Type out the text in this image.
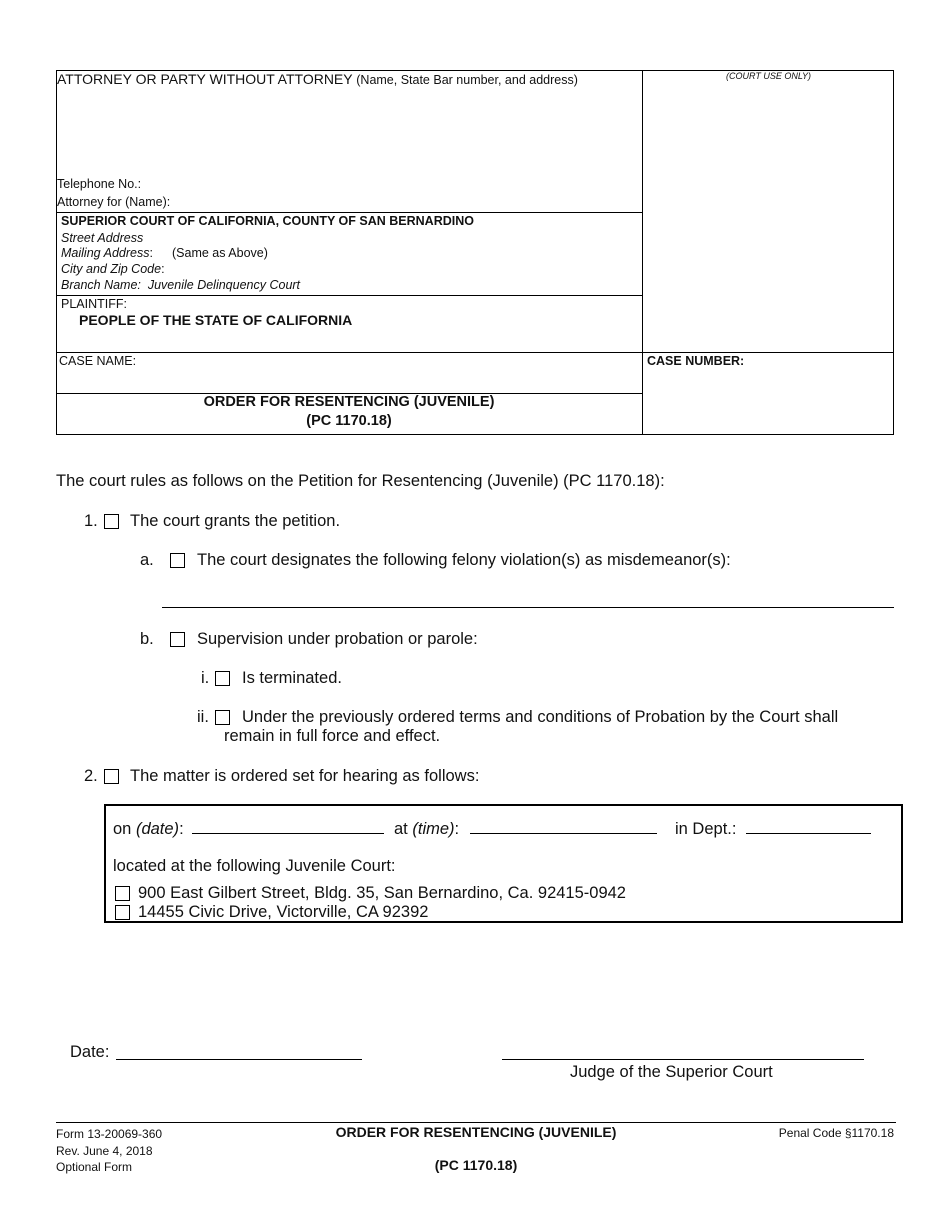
ATTORNEY OR PARTY WITHOUT ATTORNEY (Name, State Bar number, and address)	(COURT USE ONLY)
Telephone No.:
Attorney for (Name):
SUPERIOR COURT OF CALIFORNIA, COUNTY OF SAN BERNARDINO
Street Address
Mailing Address: (Same as Above)
City and Zip Code:
Branch Name: Juvenile Delinquency Court
PLAINTIFF:
PEOPLE OF THE STATE OF CALIFORNIA
CASE NAME:	CASE NUMBER:
ORDER FOR RESENTENCING (JUVENILE)
(PC 1170.18)
The court rules as follows on the Petition for Resentencing (Juvenile) (PC 1170.18):
1. The court grants the petition.
a.	The court designates the following felony violation(s) as misdemeanor(s):
b.	Supervision under probation or parole:
i. Is terminated.
ii. Under the previously ordered terms and conditions of Probation by the Court shall
remain in full force and effect.
2. The matter is ordered set for hearing as follows:
on (date):	at (time):	in Dept.:
located at the following Juvenile Court:
900 East Gilbert Street, Bldg. 35, San Bernardino, Ca. 92415-0942
14455 Civic Drive, Victorville, CA 92392
Date:
Judge of the Superior Court
Form 13-20069-360
Rev. June 4, 2018
Optional Form
ORDER FOR RESENTENCING (JUVENILE)
(PC 1170.18)
Penal Code §1170.18
